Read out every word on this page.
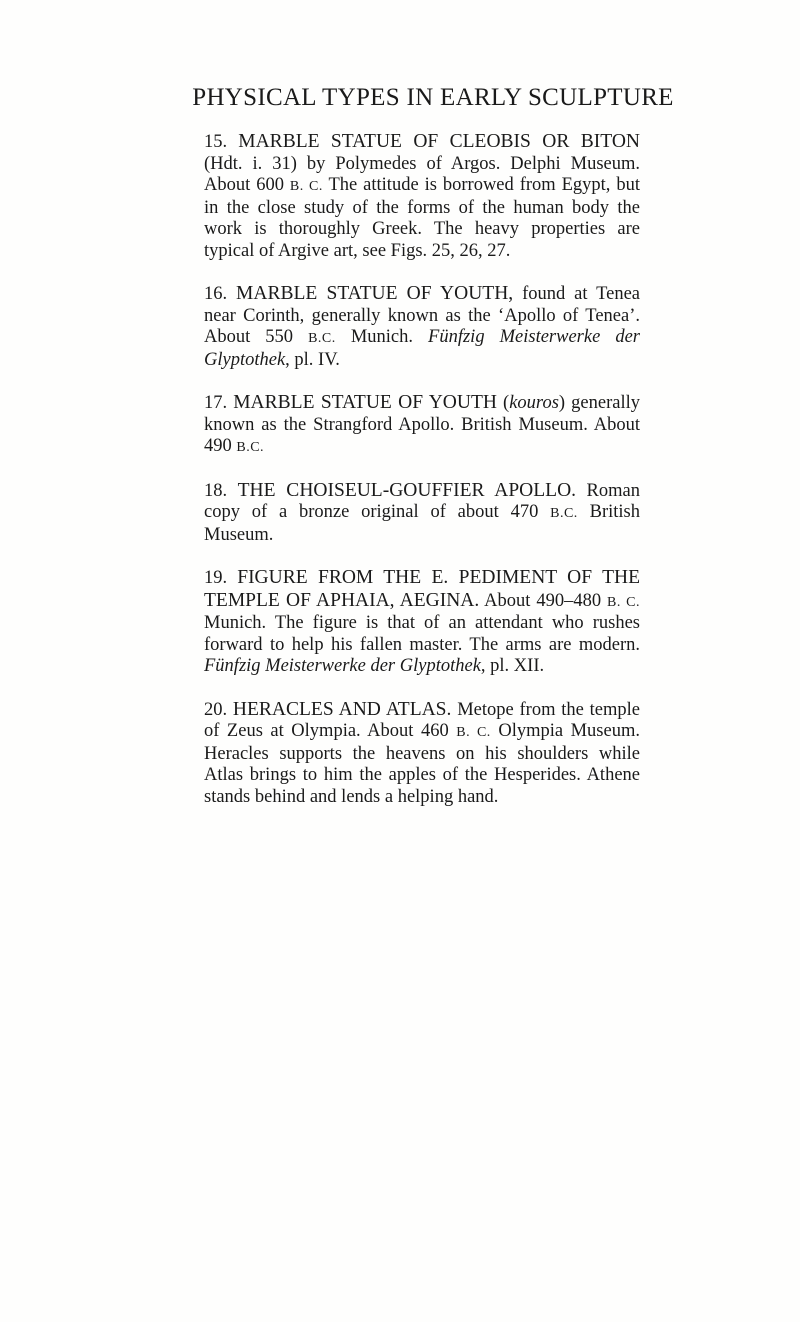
PHYSICAL TYPES IN EARLY SCULPTURE

15. MARBLE STATUE OF CLEOBIS OR BITON (Hdt. i. 31) by Polymedes of Argos. Delphi Museum. About 600 B. C. The attitude is borrowed from Egypt, but in the close study of the forms of the human body the work is thoroughly Greek. The heavy properties are typical of Argive art, see Figs. 25, 26, 27.

16. MARBLE STATUE OF YOUTH, found at Tenea near Corinth, generally known as the ‘Apollo of Tenea’. About 550 B.C. Munich. Fünfzig Meisterwerke der Glyptothek, pl. IV.

17. MARBLE STATUE OF YOUTH (kouros) generally known as the Strangford Apollo. British Museum. About 490 B.C.

18. THE CHOISEUL-GOUFFIER APOLLO. Roman copy of a bronze original of about 470 B.C. British Museum.

19. FIGURE FROM THE E. PEDIMENT OF THE TEMPLE OF APHAIA, AEGINA. About 490–480 B. C. Munich. The figure is that of an attendant who rushes forward to help his fallen master. The arms are modern. Fünfzig Meisterwerke der Glyptothek, pl. XII.

20. HERACLES AND ATLAS. Metope from the temple of Zeus at Olympia. About 460 B. C. Olympia Museum. Heracles supports the heavens on his shoulders while Atlas brings to him the apples of the Hesperides. Athene stands behind and lends a helping hand.
